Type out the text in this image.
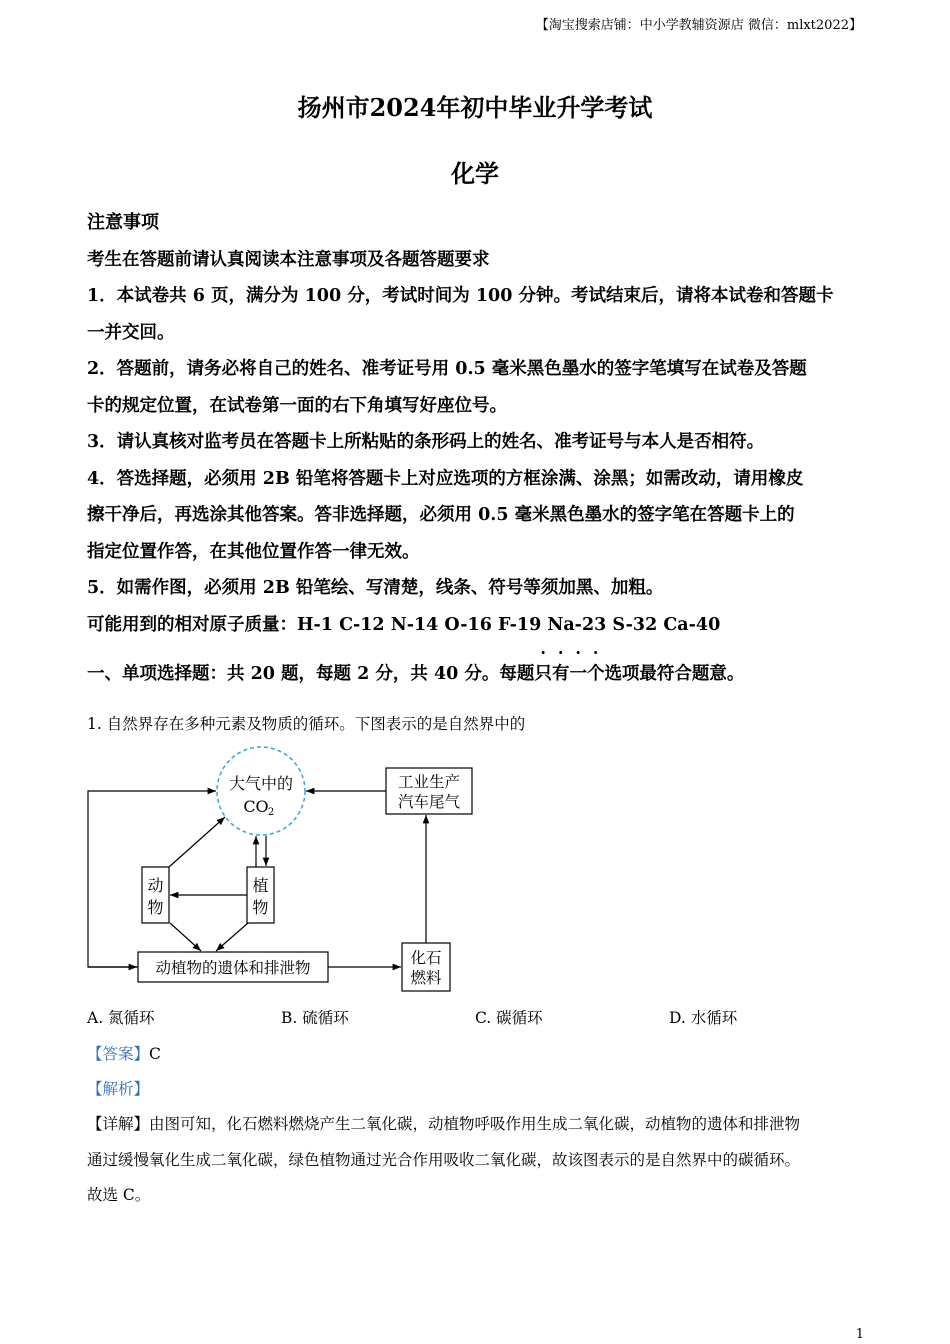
【淘宝搜索店铺：中小学教辅资源店 微信：mlxt2022】
扬州市2024年初中毕业升学考试
化学
注意事项
考生在答题前请认真阅读本注意事项及各题答题要求
1．本试卷共 6 页，满分为 100 分，考试时间为 100 分钟。考试结束后，请将本试卷和答题卡
一并交回。
2．答题前，请务必将自己的姓名、准考证号用 0.5 毫米黑色墨水的签字笔填写在试卷及答题
卡的规定位置，在试卷第一面的右下角填写好座位号。
3．请认真核对监考员在答题卡上所粘贴的条形码上的姓名、准考证号与本人是否相符。
4．答选择题，必须用 2B 铅笔将答题卡上对应选项的方框涂满、涂黑；如需改动，请用橡皮
擦干净后，再选涂其他答案。答非选择题，必须用 0.5 毫米黑色墨水的签字笔在答题卡上的
指定位置作答，在其他位置作答一律无效。
5．如需作图，必须用 2B 铅笔绘、写清楚，线条、符号等须加黑、加粗。
可能用到的相对原子质量：H-1 C-12 N-14 O-16 F-19 Na-23 S-32 Ca-40
一、单项选择题：共 20 题，每题 2 分，共 40 分。每题只有一个选项最符合题意。
1. 自然界存在多种元素及物质的循环。下图表示的是自然界中的
大气中的
CO 2
工业生产
汽车尾气
动
物
植
物
动植物的遗体和排泄物
化石
燃料
A. 氮循环	B. 硫循环	C. 碳循环	D. 水循环
【答案】C
【解析】
【详解】由图可知，化石燃料燃烧产生二氧化碳，动植物呼吸作用生成二氧化碳，动植物的遗体和排泄物
通过缓慢氧化生成二氧化碳，绿色植物通过光合作用吸收二氧化碳，故该图表示的是自然界中的碳循环。
故选 C。
1
